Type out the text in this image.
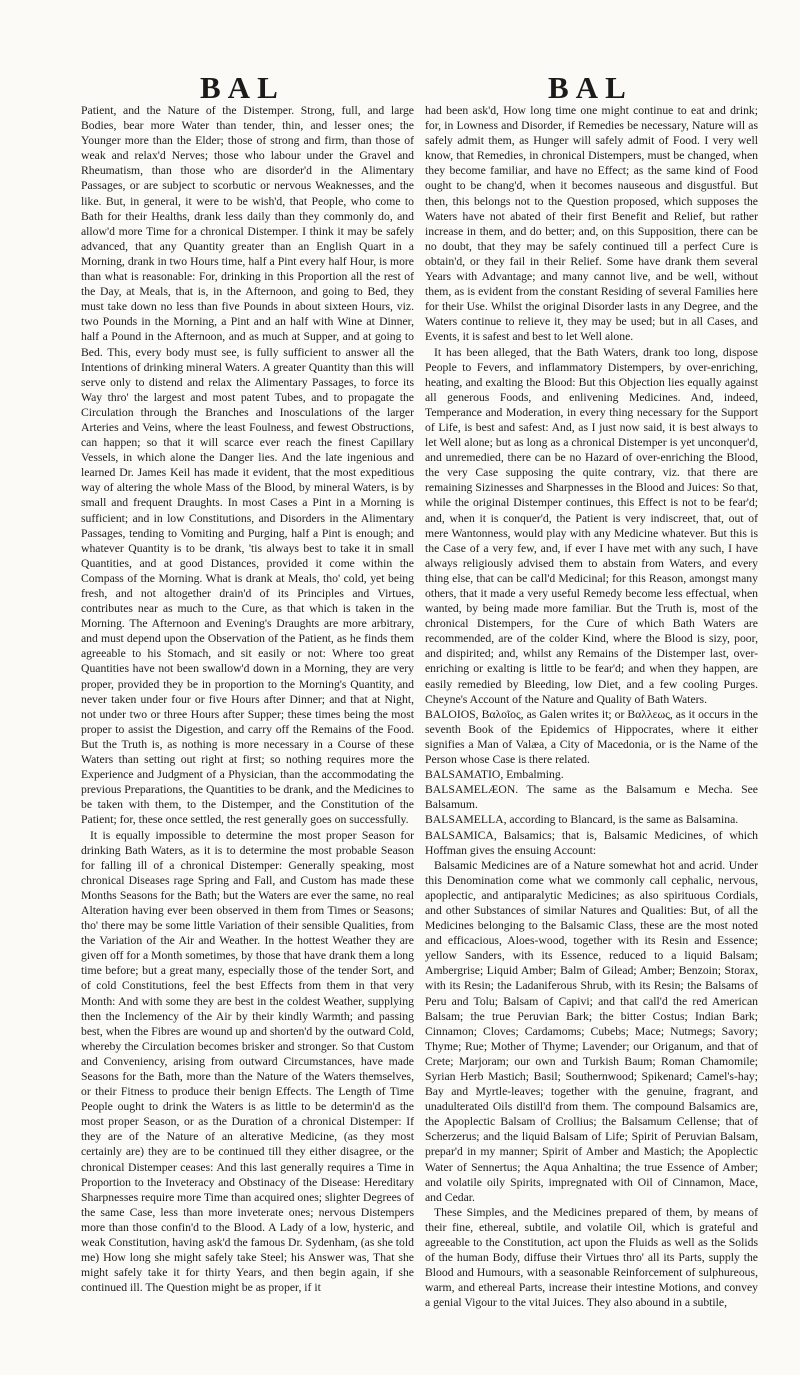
BAL	BAL

Patient, and the Nature of the Distemper. Strong, full, and large Bodies, bear more Water than tender, thin, and lesser ones; the Younger more than the Elder; those of strong and firm, than those of weak and relax'd Nerves; those who labour under the Gravel and Rheumatism, than those who are disorder'd in the Alimentary Passages, or are subject to scorbutic or nervous Weaknesses, and the like. But, in general, it were to be wish'd, that People, who come to Bath for their Healths, drank less daily than they commonly do, and allow'd more Time for a chronical Distemper. I think it may be safely advanced, that any Quantity greater than an English Quart in a Morning, drank in two Hours time, half a Pint every half Hour, is more than what is reasonable: For, drinking in this Proportion all the rest of the Day, at Meals, that is, in the Afternoon, and going to Bed, they must take down no less than five Pounds in about sixteen Hours, viz. two Pounds in the Morning, a Pint and an half with Wine at Dinner, half a Pound in the Afternoon, and as much at Supper, and at going to Bed. This, every body must see, is fully sufficient to answer all the Intentions of drinking mineral Waters. A greater Quantity than this will serve only to distend and relax the Alimentary Passages, to force its Way thro' the largest and most patent Tubes, and to propagate the Circulation through the Branches and Inosculations of the larger Arteries and Veins, where the least Foulness, and fewest Obstructions, can happen; so that it will scarce ever reach the finest Capillary Vessels, in which alone the Danger lies. And the late ingenious and learned Dr. James Keil has made it evident, that the most expeditious way of altering the whole Mass of the Blood, by mineral Waters, is by small and frequent Draughts. In most Cases a Pint in a Morning is sufficient; and in low Constitutions, and Disorders in the Alimentary Passages, tending to Vomiting and Purging, half a Pint is enough; and whatever Quantity is to be drank, 'tis always best to take it in small Quantities, and at good Distances, provided it come within the Compass of the Morning. What is drank at Meals, tho' cold, yet being fresh, and not altogether drain'd of its Principles and Virtues, contributes near as much to the Cure, as that which is taken in the Morning. The Afternoon and Evening's Draughts are more arbitrary, and must depend upon the Observation of the Patient, as he finds them agreeable to his Stomach, and sit easily or not: Where too great Quantities have not been swallow'd down in a Morning, they are very proper, provided they be in proportion to the Morning's Quantity, and never taken under four or five Hours after Dinner; and that at Night, not under two or three Hours after Supper; these times being the most proper to assist the Digestion, and carry off the Remains of the Food. But the Truth is, as nothing is more necessary in a Course of these Waters than setting out right at first; so nothing requires more the Experience and Judgment of a Physician, than the accommodating the previous Preparations, the Quantities to be drank, and the Medicines to be taken with them, to the Distemper, and the Constitution of the Patient; for, these once settled, the rest generally goes on successfully.

It is equally impossible to determine the most proper Season for drinking Bath Waters, as it is to determine the most probable Season for falling ill of a chronical Distemper: Generally speaking, most chronical Diseases rage Spring and Fall, and Custom has made these Months Seasons for the Bath; but the Waters are ever the same, no real Alteration having ever been observed in them from Times or Seasons; tho' there may be some little Variation of their sensible Qualities, from the Variation of the Air and Weather. In the hottest Weather they are given off for a Month sometimes, by those that have drank them a long time before; but a great many, especially those of the tender Sort, and of cold Constitutions, feel the best Effects from them in that very Month: And with some they are best in the coldest Weather, supplying then the Inclemency of the Air by their kindly Warmth; and passing best, when the Fibres are wound up and shorten'd by the outward Cold, whereby the Circulation becomes brisker and stronger. So that Custom and Conveniency, arising from outward Circumstances, have made Seasons for the Bath, more than the Nature of the Waters themselves, or their Fitness to produce their benign Effects. The Length of Time People ought to drink the Waters is as little to be determin'd as the most proper Season, or as the Duration of a chronical Distemper: If they are of the Nature of an alterative Medicine, (as they most certainly are) they are to be continued till they either disagree, or the chronical Distemper ceases: And this last generally requires a Time in Proportion to the Inveteracy and Obstinacy of the Disease: Hereditary Sharpnesses require more Time than acquired ones; slighter Degrees of the same Case, less than more inveterate ones; nervous Distempers more than those confin'd to the Blood. A Lady of a low, hysteric, and weak Constitution, having ask'd the famous Dr. Sydenham, (as she told me) How long she might safely take Steel; his Answer was, That she might safely take it for thirty Years, and then begin again, if she continued ill. The Question might be as proper, if it

had been ask'd, How long time one might continue to eat and drink; for, in Lowness and Disorder, if Remedies be necessary, Nature will as safely admit them, as Hunger will safely admit of Food. I very well know, that Remedies, in chronical Distempers, must be changed, when they become familiar, and have no Effect; as the same kind of Food ought to be chang'd, when it becomes nauseous and disgustful. But then, this belongs not to the Question proposed, which supposes the Waters have not abated of their first Benefit and Relief, but rather increase in them, and do better; and, on this Supposition, there can be no doubt, that they may be safely continued till a perfect Cure is obtain'd, or they fail in their Relief. Some have drank them several Years with Advantage; and many cannot live, and be well, without them, as is evident from the constant Residing of several Families here for their Use. Whilst the original Disorder lasts in any Degree, and the Waters continue to relieve it, they may be used; but in all Cases, and Events, it is safest and best to let Well alone.

It has been alleged, that the Bath Waters, drank too long, dispose People to Fevers, and inflammatory Distempers, by over-enriching, heating, and exalting the Blood: But this Objection lies equally against all generous Foods, and enlivening Medicines. And, indeed, Temperance and Moderation, in every thing necessary for the Support of Life, is best and safest: And, as I just now said, it is best always to let Well alone; but as long as a chronical Distemper is yet unconquer'd, and unremedied, there can be no Hazard of over-enriching the Blood, the very Case supposing the quite contrary, viz. that there are remaining Sizinesses and Sharpnesses in the Blood and Juices: So that, while the original Distemper continues, this Effect is not to be fear'd; and, when it is conquer'd, the Patient is very indiscreet, that, out of mere Wantonness, would play with any Medicine whatever. But this is the Case of a very few, and, if ever I have met with any such, I have always religiously advised them to abstain from Waters, and every thing else, that can be call'd Medicinal; for this Reason, amongst many others, that it made a very useful Remedy become less effectual, when wanted, by being made more familiar. But the Truth is, most of the chronical Distempers, for the Cure of which Bath Waters are recommended, are of the colder Kind, where the Blood is sizy, poor, and dispirited; and, whilst any Remains of the Distemper last, over-enriching or exalting is little to be fear'd; and when they happen, are easily remedied by Bleeding, low Diet, and a few cooling Purges. Cheyne's Account of the Nature and Quality of Bath Waters.

BALOIOS, Βαλοῖος, as Galen writes it; or Βαλλεως, as it occurs in the seventh Book of the Epidemics of Hippocrates, where it either signifies a Man of Valæa, a City of Macedonia, or is the Name of the Person whose Case is there related.

BALSAMATIO, Embalming.

BALSAMELÆON. The same as the Balsamum e Mecha. See Balsamum.

BALSAMELLA, according to Blancard, is the same as Balsamina.

BALSAMICA, Balsamics; that is, Balsamic Medicines, of which Hoffman gives the ensuing Account:

Balsamic Medicines are of a Nature somewhat hot and acrid. Under this Denomination come what we commonly call cephalic, nervous, apoplectic, and antiparalytic Medicines; as also spirituous Cordials, and other Substances of similar Natures and Qualities: But, of all the Medicines belonging to the Balsamic Class, these are the most noted and efficacious, Aloes-wood, together with its Resin and Essence; yellow Sanders, with its Essence, reduced to a liquid Balsam; Ambergrise; Liquid Amber; Balm of Gilead; Amber; Benzoin; Storax, with its Resin; the Ladaniferous Shrub, with its Resin; the Balsams of Peru and Tolu; Balsam of Capivi; and that call'd the red American Balsam; the true Peruvian Bark; the bitter Costus; Indian Bark; Cinnamon; Cloves; Cardamoms; Cubebs; Mace; Nutmegs; Savory; Thyme; Rue; Mother of Thyme; Lavender; our Origanum, and that of Crete; Marjoram; our own and Turkish Baum; Roman Chamomile; Syrian Herb Mastich; Basil; Southernwood; Spikenard; Camel's-hay; Bay and Myrtle-leaves; together with the genuine, fragrant, and unadulterated Oils distill'd from them. The compound Balsamics are, the Apoplectic Balsam of Crollius; the Balsamum Cellense; that of Scherzerus; and the liquid Balsam of Life; Spirit of Peruvian Balsam, prepar'd in my manner; Spirit of Amber and Mastich; the Apoplectic Water of Sennertus; the Aqua Anhaltina; the true Essence of Amber; and volatile oily Spirits, impregnated with Oil of Cinnamon, Mace, and Cedar.

These Simples, and the Medicines prepared of them, by means of their fine, ethereal, subtile, and volatile Oil, which is grateful and agreeable to the Constitution, act upon the Fluids as well as the Solids of the human Body, diffuse their Virtues thro' all its Parts, supply the Blood and Humours, with a seasonable Reinforcement of sulphureous, warm, and ethereal Parts, increase their intestine Motions, and convey a genial Vigour to the vital Juices. They also abound in a subtile,
